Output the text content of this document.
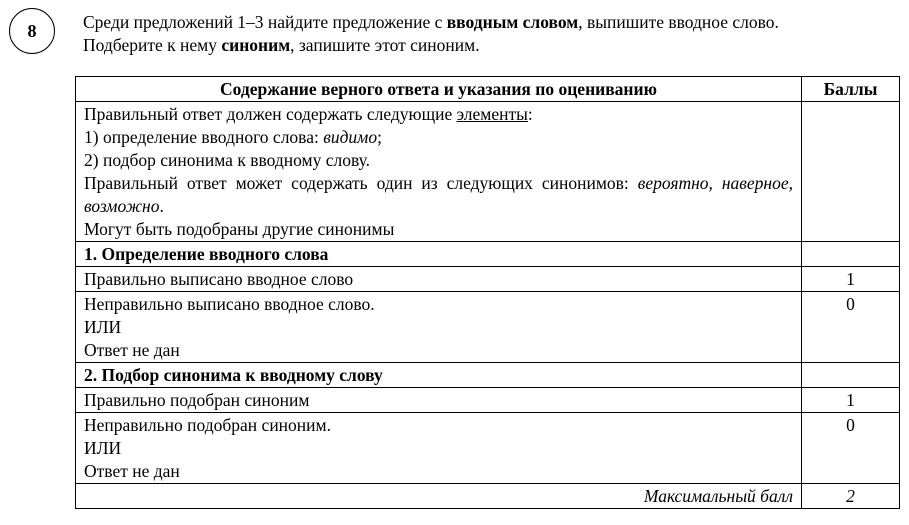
8	Среди предложений 1–3 найдите предложение с вводным словом, выпишите вводное слово.
Подберите к нему синоним, запишите этот синоним.
Содержание верного ответа и указания по оцениванию	Баллы
Правильный ответ должен содержать следующие элементы:
1) определение вводного слова: видимо;
2) подбор синонима к вводному слову.
Правильный ответ может содержать один из следующих синонимов: вероятно, наверное, возможно.
Могут быть подобраны другие синонимы	
1. Определение вводного слова	
Правильно выписано вводное слово	1
Неправильно выписано вводное слово.
ИЛИ
Ответ не дан	0
2. Подбор синонима к вводному слову	
Правильно подобран синоним	1
Неправильно подобран синоним.
ИЛИ
Ответ не дан	0
Максимальный балл	2
